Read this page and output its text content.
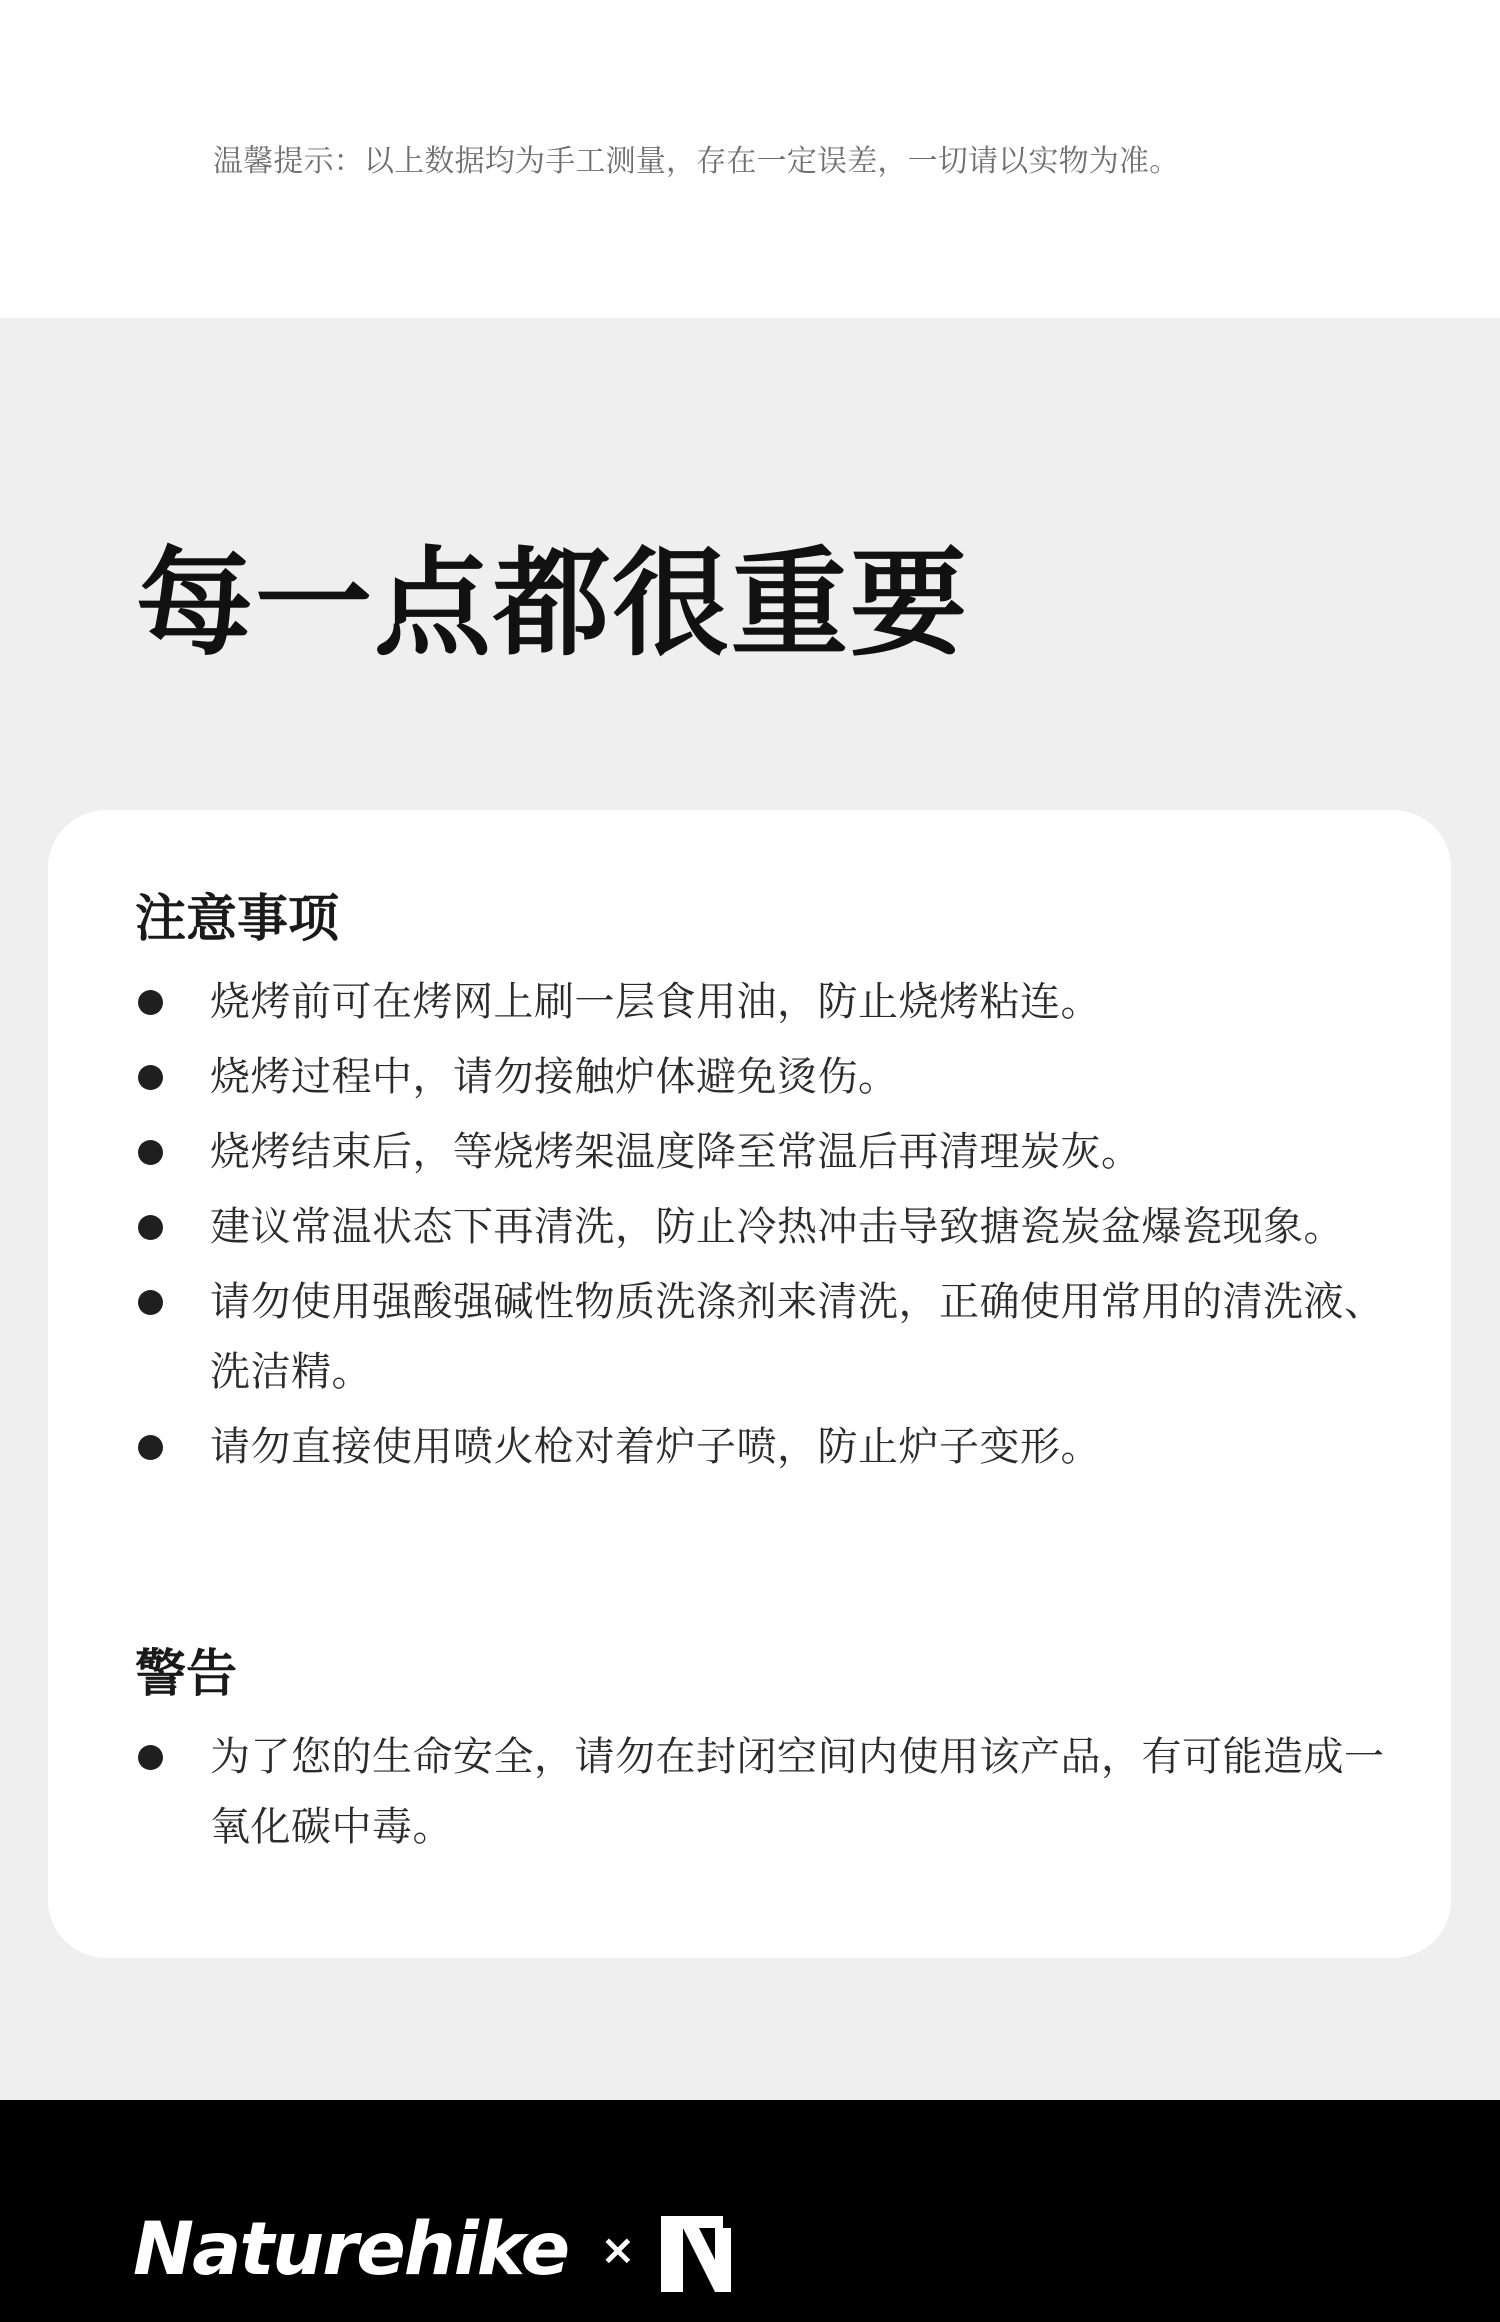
温馨提示：以上数据均为手工测量，存在一定误差，一切请以实物为准。
每一点都很重要
注意事项
烧烤前可在烤网上刷一层食用油，防止烧烤粘连。
烧烤过程中，请勿接触炉体避免烫伤。
烧烤结束后，等烧烤架温度降至常温后再清理炭灰。
建议常温状态下再清洗，防止冷热冲击导致搪瓷炭盆爆瓷现象。
请勿使用强酸强碱性物质洗涤剂来清洗，正确使用常用的清洗液、洗洁精。
请勿直接使用喷火枪对着炉子喷，防止炉子变形。
警告
为了您的生命安全，请勿在封闭空间内使用该产品，有可能造成一氧化碳中毒。
Naturehike ×
